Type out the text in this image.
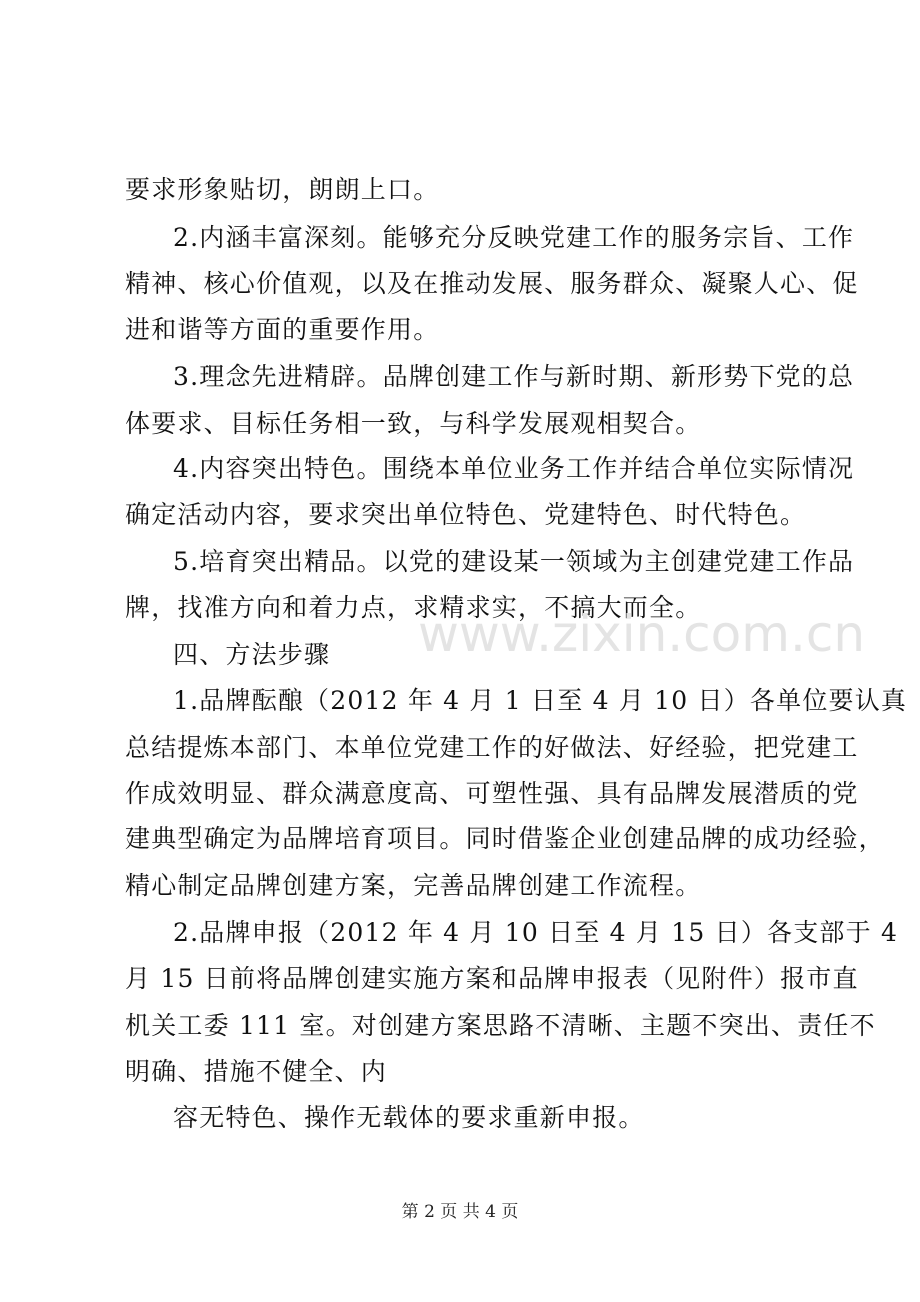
要求形象贴切，朗朗上口。
2.内涵丰富深刻。能够充分反映党建工作的服务宗旨、工作
精神、核心价值观，以及在推动发展、服务群众、凝聚人心、促
进和谐等方面的重要作用。
3.理念先进精辟。品牌创建工作与新时期、新形势下党的总
体要求、目标任务相一致，与科学发展观相契合。
4.内容突出特色。围绕本单位业务工作并结合单位实际情况
确定活动内容，要求突出单位特色、党建特色、时代特色。
5.培育突出精品。以党的建设某一领域为主创建党建工作品
牌，找准方向和着力点，求精求实，不搞大而全。
www.zixin.com.cn
四、方法步骤
1.品牌酝酿（2012 年 4 月 1 日至 4 月 10 日）各单位要认真
总结提炼本部门、本单位党建工作的好做法、好经验，把党建工
作成效明显、群众满意度高、可塑性强、具有品牌发展潜质的党
建典型确定为品牌培育项目。同时借鉴企业创建品牌的成功经验，
精心制定品牌创建方案，完善品牌创建工作流程。
2.品牌申报（2012 年 4 月 10 日至 4 月 15 日）各支部于 4
月 15 日前将品牌创建实施方案和品牌申报表（见附件）报市直
机关工委 111 室。对创建方案思路不清晰、主题不突出、责任不
明确、措施不健全、内
容无特色、操作无载体的要求重新申报。
第 2 页 共 4 页
